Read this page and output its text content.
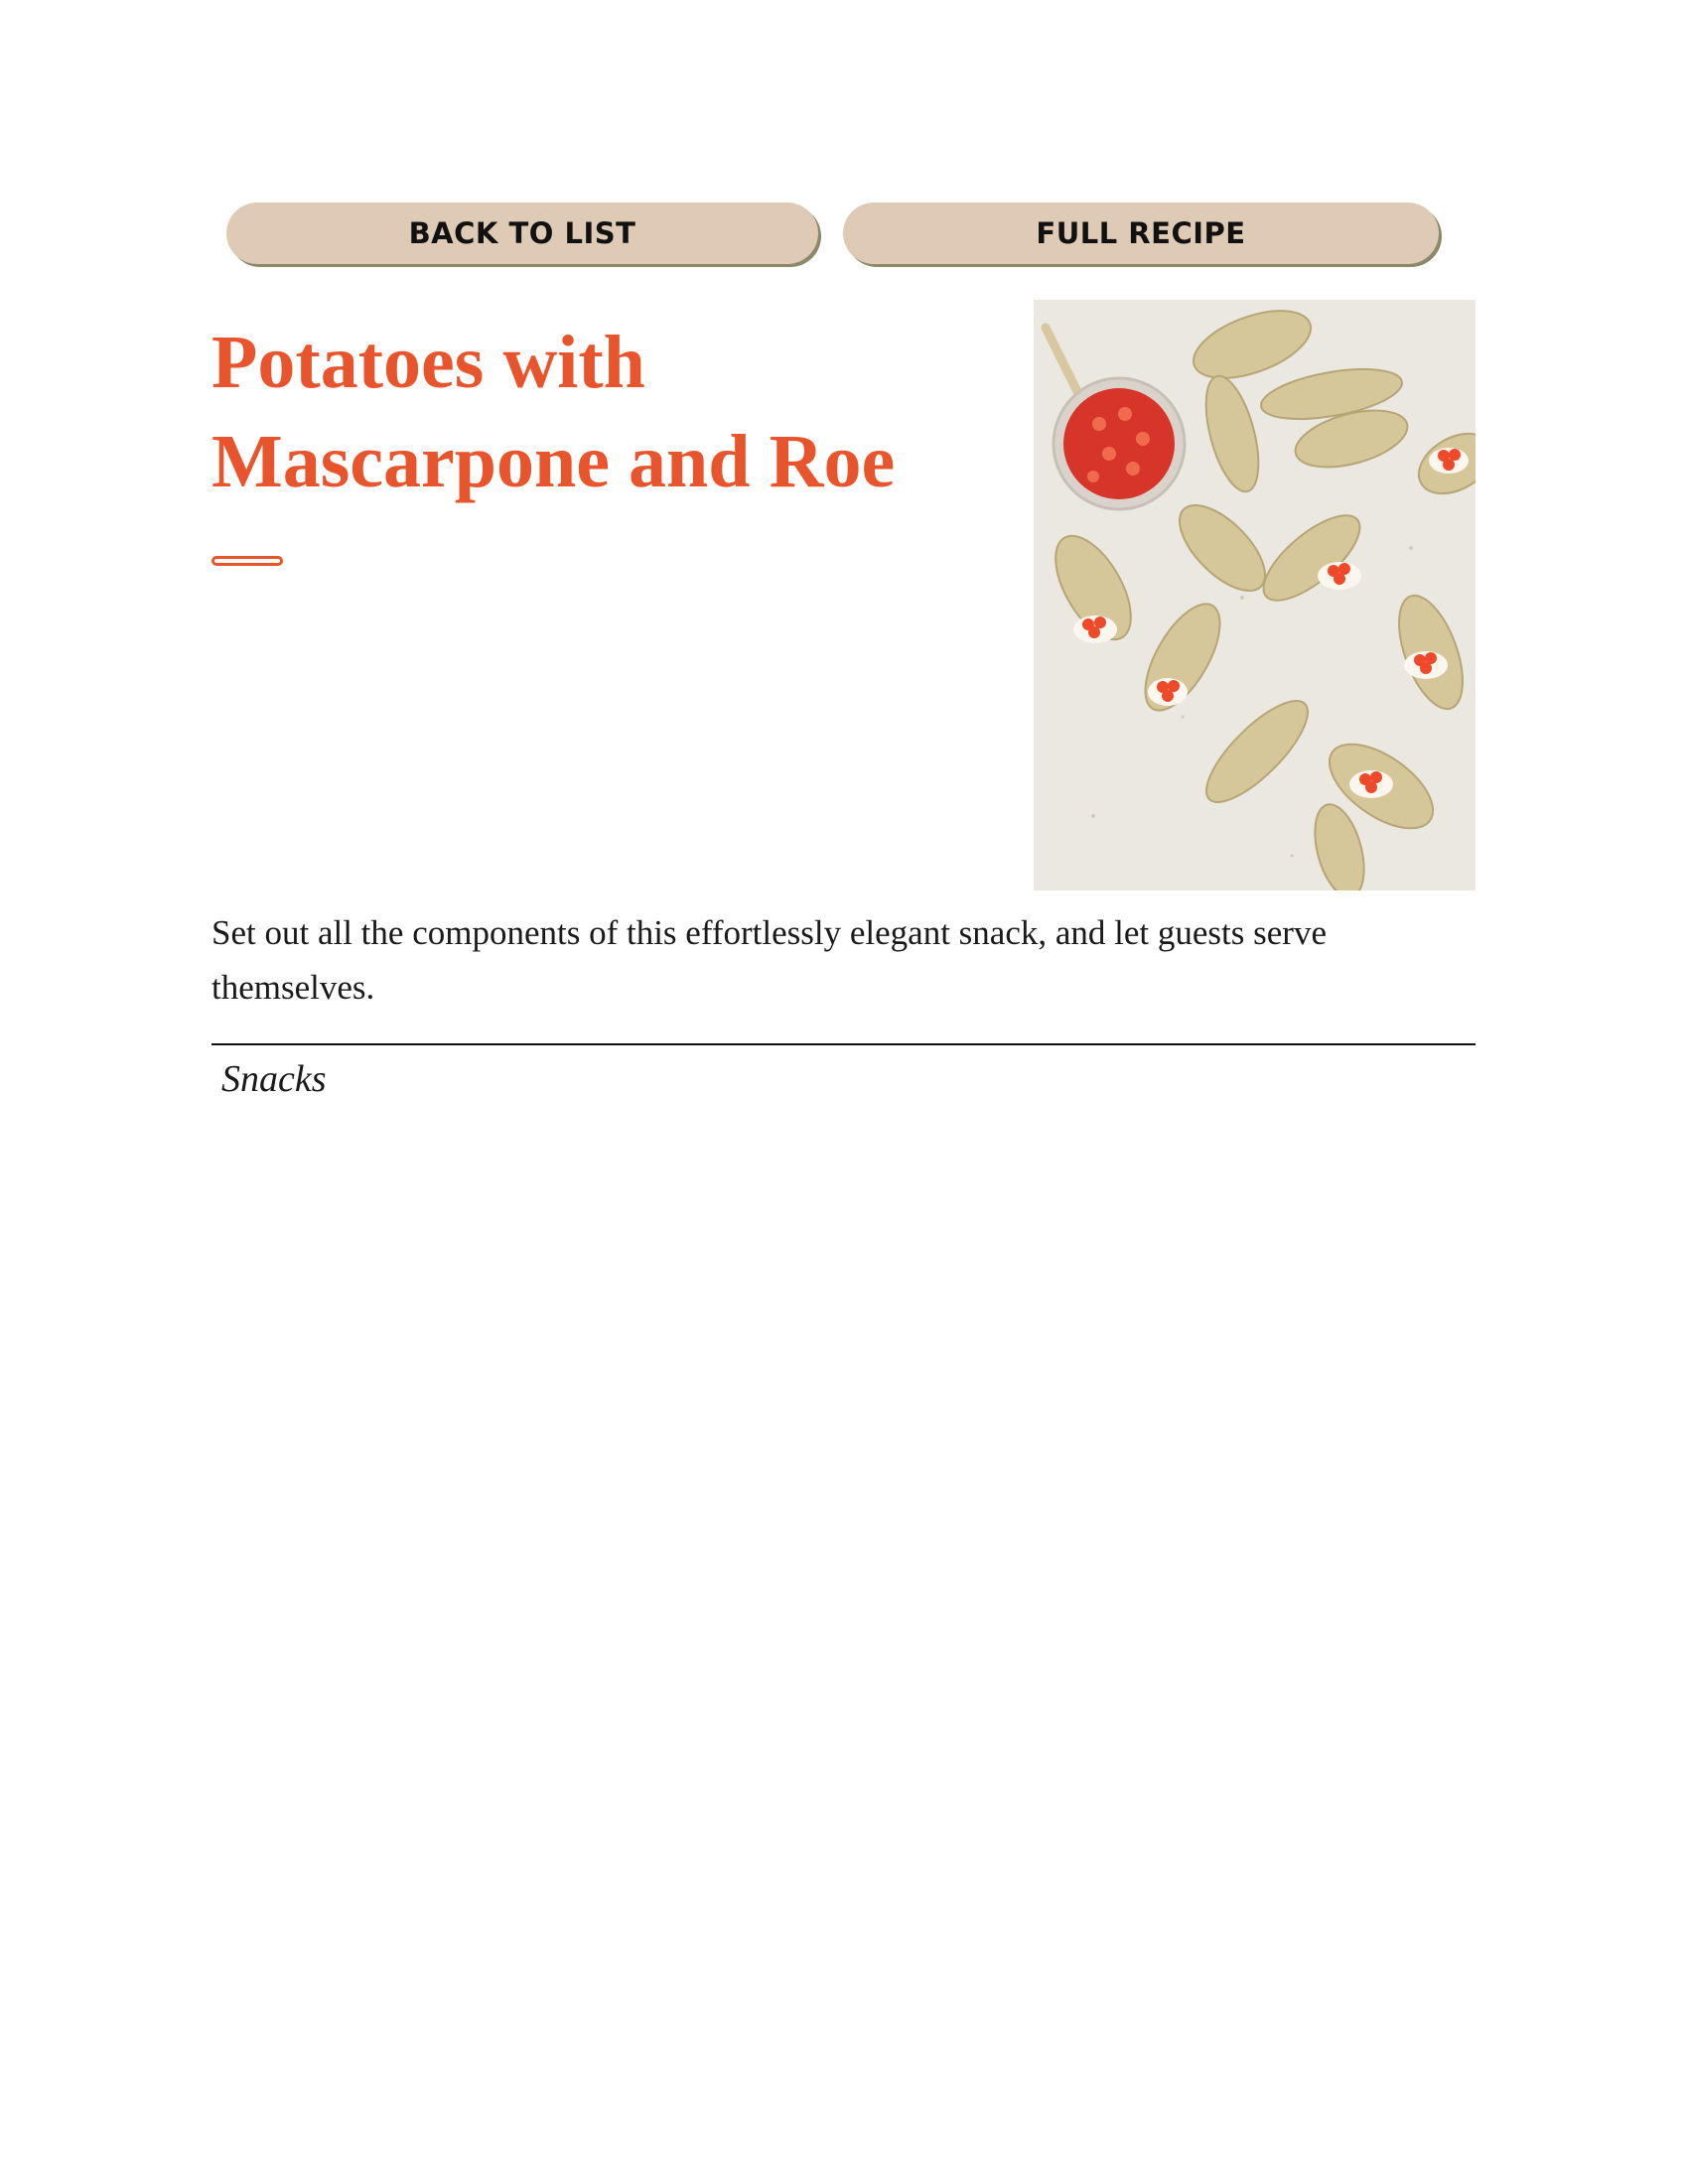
BACK TO LIST	FULL RECIPE
Potatoes with
Mascarpone and Roe

Set out all the components of this effortlessly elegant snack, and let guests serve themselves.

Snacks
